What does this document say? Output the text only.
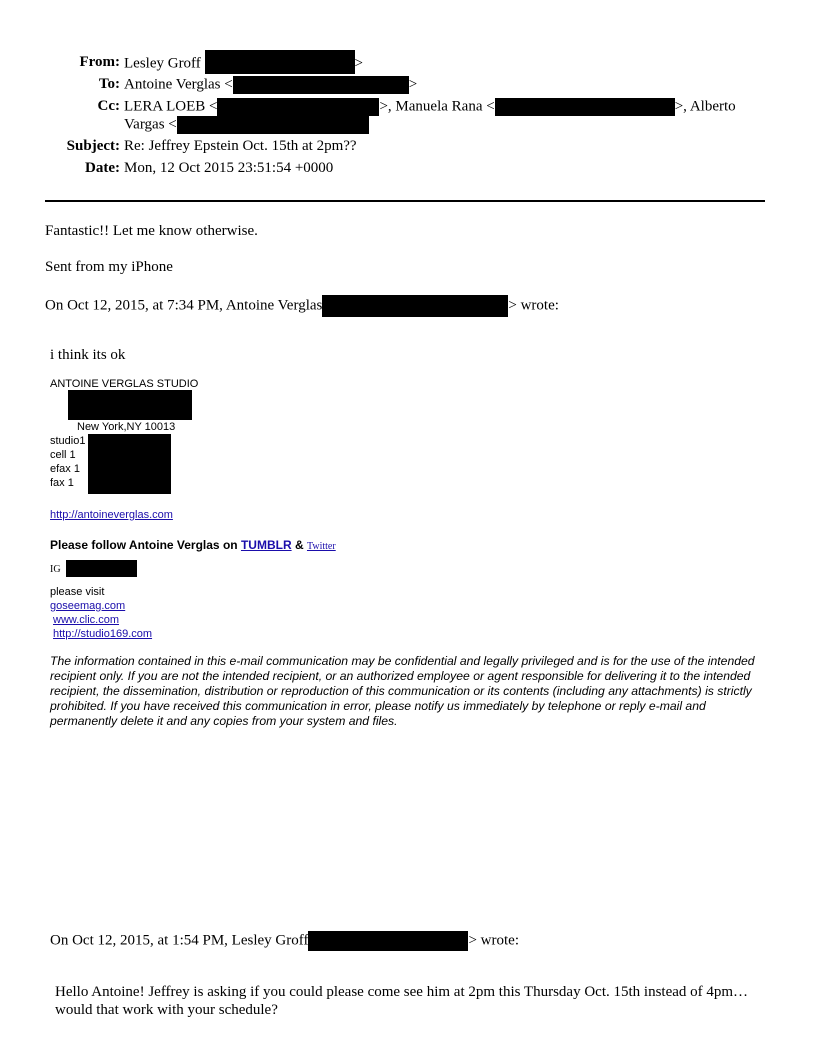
From: Lesley Groff	>
To: Antoine Verglas <	>
Cc: LERA LOEB <	>, Manuela Rana <	>, Alberto
Vargas <
Subject: Re: Jeffrey Epstein Oct. 15th at 2pm??
Date: Mon, 12 Oct 2015 23:51:54 +0000
Fantastic!! Let me know otherwise.
Sent from my iPhone
On Oct 12, 2015, at 7:34 PM, Antoine Verglas	> wrote:
i think its ok
ANTOINE VERGLAS STUDIO
New York,NY 10013
studio1
cell 1
efax 1
fax 1
http://antoineverglas.com
Please follow Antoine Verglas on TUMBLR & Twitter
IG
please visit
goseemag.com
www.clic.com
http://studio169.com
The information contained in this e-mail communication may be confidential and legally privileged and is for the use of the intended recipient only. If you are not the intended recipient, or an authorized employee or agent responsible for delivering it to the intended recipient, the dissemination, distribution or reproduction of this communication or its contents (including any attachments) is strictly prohibited. If you have received this communication in error, please notify us immediately by telephone or reply e-mail and permanently delete it and any copies from your system and files.
On Oct 12, 2015, at 1:54 PM, Lesley Groff	> wrote:
Hello Antoine! Jeffrey is asking if you could please come see him at 2pm this Thursday Oct. 15th instead of 4pm…would that work with your schedule?
